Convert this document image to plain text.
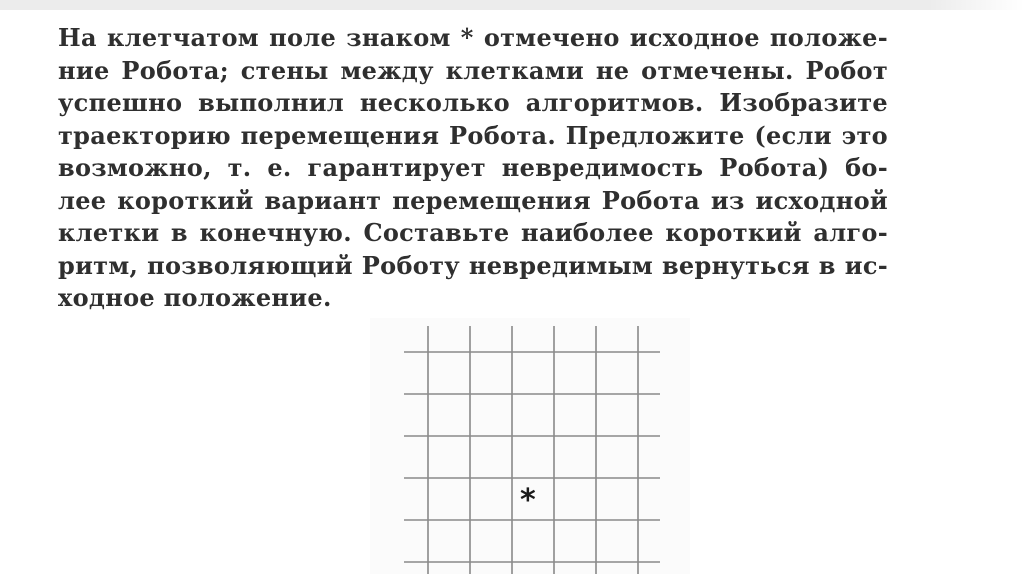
На клетчатом поле знаком * отмечено исходное положе-
ние Робота; стены между клетками не отмечены. Робот
успешно выполнил несколько алгоритмов. Изобразите
траекторию перемещения Робота. Предложите (если это
возможно, т. е. гарантирует невредимость Робота) бо-
лее короткий вариант перемещения Робота из исходной
клетки в конечную. Составьте наиболее короткий алго-
ритм, позволяющий Роботу невредимым вернуться в ис-
ходное положение.
*
